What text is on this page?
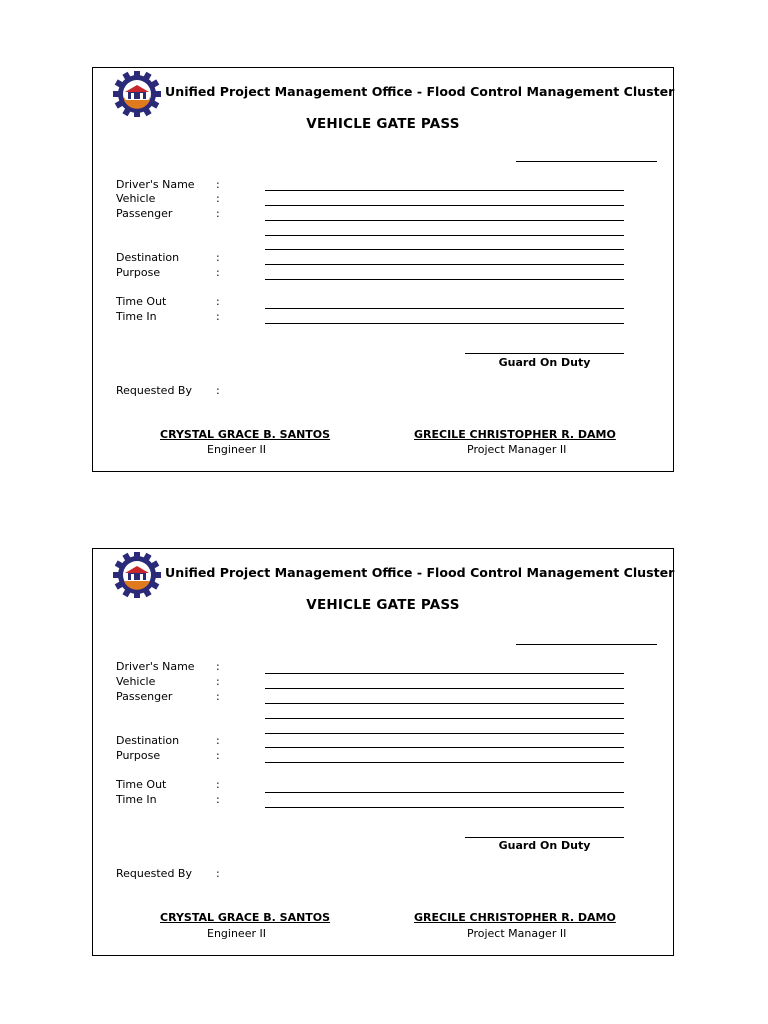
Unified Project Management Office - Flood Control Management Cluster
VEHICLE GATE PASS
Driver's Name :
Vehicle	:
Passenger	:
Destination	:
Purpose	:
Time Out	:
Time In	:
Guard On Duty
Requested By :
CRYSTAL GRACE B. SANTOS
Engineer II
GRECILE CHRISTOPHER R. DAMO
Project Manager II
Unified Project Management Office - Flood Control Management Cluster
VEHICLE GATE PASS
Driver's Name :
Vehicle	:
Passenger	:
Destination	:
Purpose	:
Time Out	:
Time In	:
Guard On Duty
Requested By :
CRYSTAL GRACE B. SANTOS
Engineer II
GRECILE CHRISTOPHER R. DAMO
Project Manager II
